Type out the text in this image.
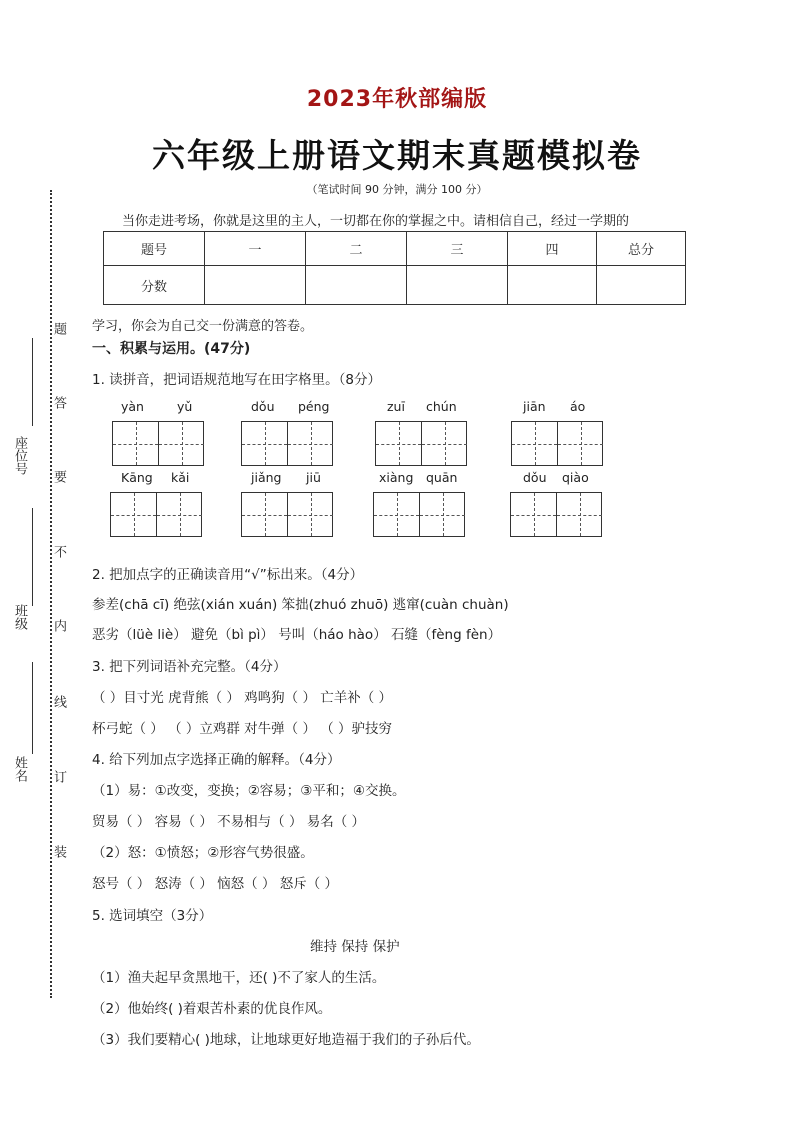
2023年秋部编版
六年级上册语文期末真题模拟卷
（笔试时间 90 分钟，满分 100 分）
当你走进考场，你就是这里的主人，一切都在你的掌握之中。请相信自己，经过一学期的
题号	一	二	三	四	总分
分数					
学习，你会为自己交一份满意的答卷。
座位号
班级
姓名
题
答
要
不
内
线
订
装
一、积累与运用。(47分)
1. 读拼音，把词语规范地写在田字格里。（8分）
yàn	yǔ	dǒu péng	zuī chún	jiān áo
Kāng kǎi	jiǎng jiū	xiàng quān	dǒu qiào
2. 把加点字的正确读音用“√”标出来。（4分）
参差(chā cī) 绝弦(xián xuán) 笨拙(zhuó zhuō) 逃窜(cuàn chuàn)
恶劣（lüè liè） 避免（bì pì） 号叫（háo hào） 石缝（fèng fèn）
3. 把下列词语补充完整。（4分）
（ ）目寸光 虎背熊（ ） 鸡鸣狗（ ） 亡羊补（ ）
杯弓蛇（ ） （ ）立鸡群 对牛弹（ ） （ ）驴技穷
4. 给下列加点字选择正确的解释。（4分）
（1）易：①改变，变换；②容易；③平和；④交换。
贸易（ ） 容易（ ） 不易相与（ ） 易名（ ）
（2）怒：①愤怒；②形容气势很盛。
怒号（ ） 怒涛（ ） 恼怒（ ） 怒斥（ ）
5. 选词填空（3分）
维持 保持 保护
（1）渔夫起早贪黑地干，还( )不了家人的生活。
（2）他始终( )着艰苦朴素的优良作风。
（3）我们要精心( )地球，让地球更好地造福于我们的子孙后代。
